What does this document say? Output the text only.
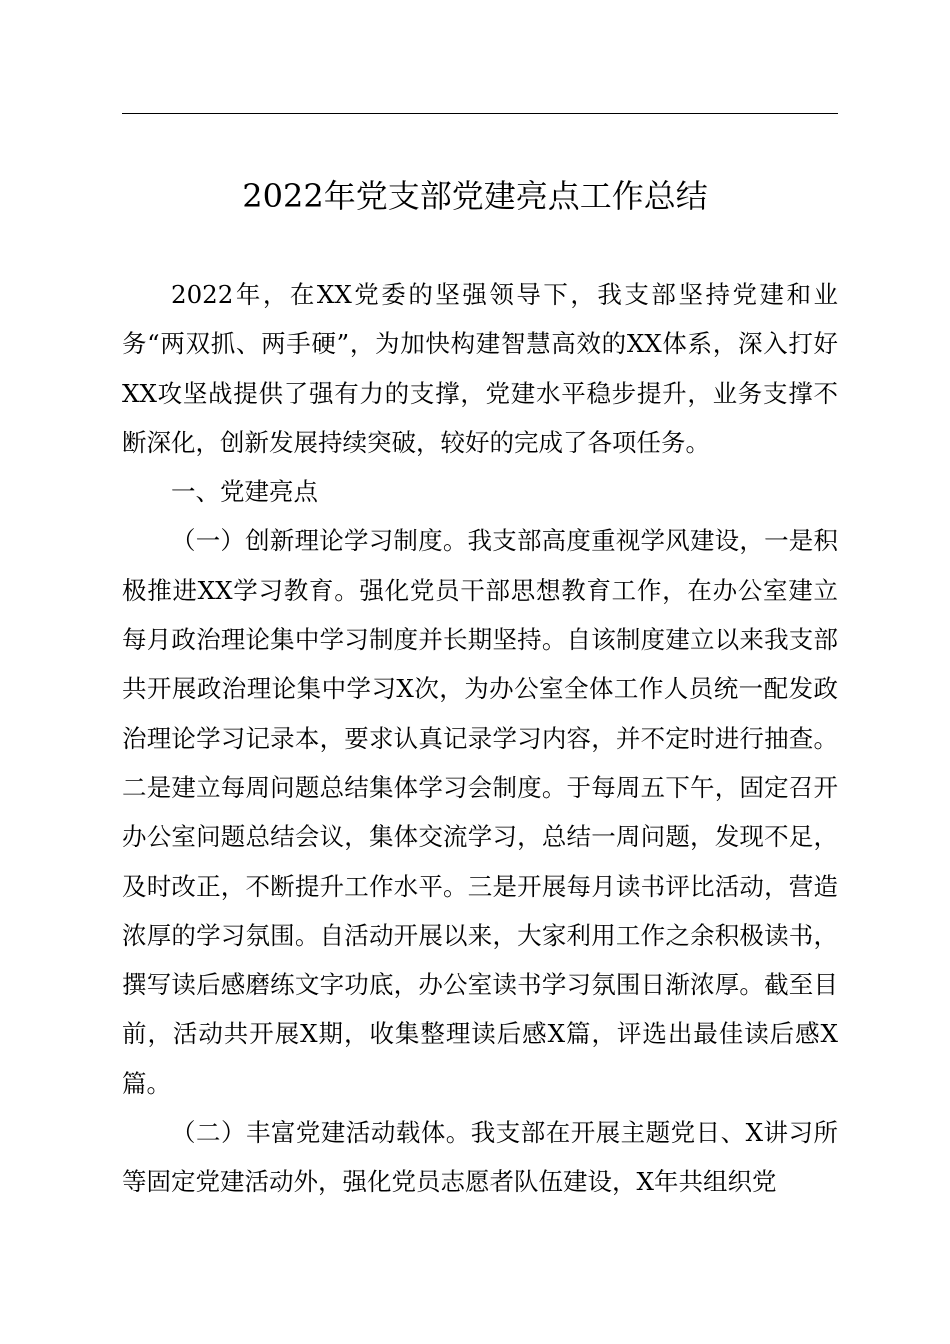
2022年党支部党建亮点工作总结

2022年，在XX党委的坚强领导下，我支部坚持党建和业务“两双抓、两手硬”，为加快构建智慧高效的XX体系，深入打好XX攻坚战提供了强有力的支撑，党建水平稳步提升，业务支撑不断深化，创新发展持续突破，较好的完成了各项任务。

一、党建亮点

（一）创新理论学习制度。我支部高度重视学风建设，一是积极推进XX学习教育。强化党员干部思想教育工作，在办公室建立每月政治理论集中学习制度并长期坚持。自该制度建立以来我支部共开展政治理论集中学习X次，为办公室全体工作人员统一配发政治理论学习记录本，要求认真记录学习内容，并不定时进行抽查。二是建立每周问题总结集体学习会制度。于每周五下午，固定召开办公室问题总结会议，集体交流学习，总结一周问题，发现不足，及时改正，不断提升工作水平。三是开展每月读书评比活动，营造浓厚的学习氛围。自活动开展以来，大家利用工作之余积极读书，撰写读后感磨练文字功底，办公室读书学习氛围日渐浓厚。截至目前，活动共开展X期，收集整理读后感X篇，评选出最佳读后感X篇。

（二）丰富党建活动载体。我支部在开展主题党日、X讲习所等固定党建活动外，强化党员志愿者队伍建设，X年共组织党
